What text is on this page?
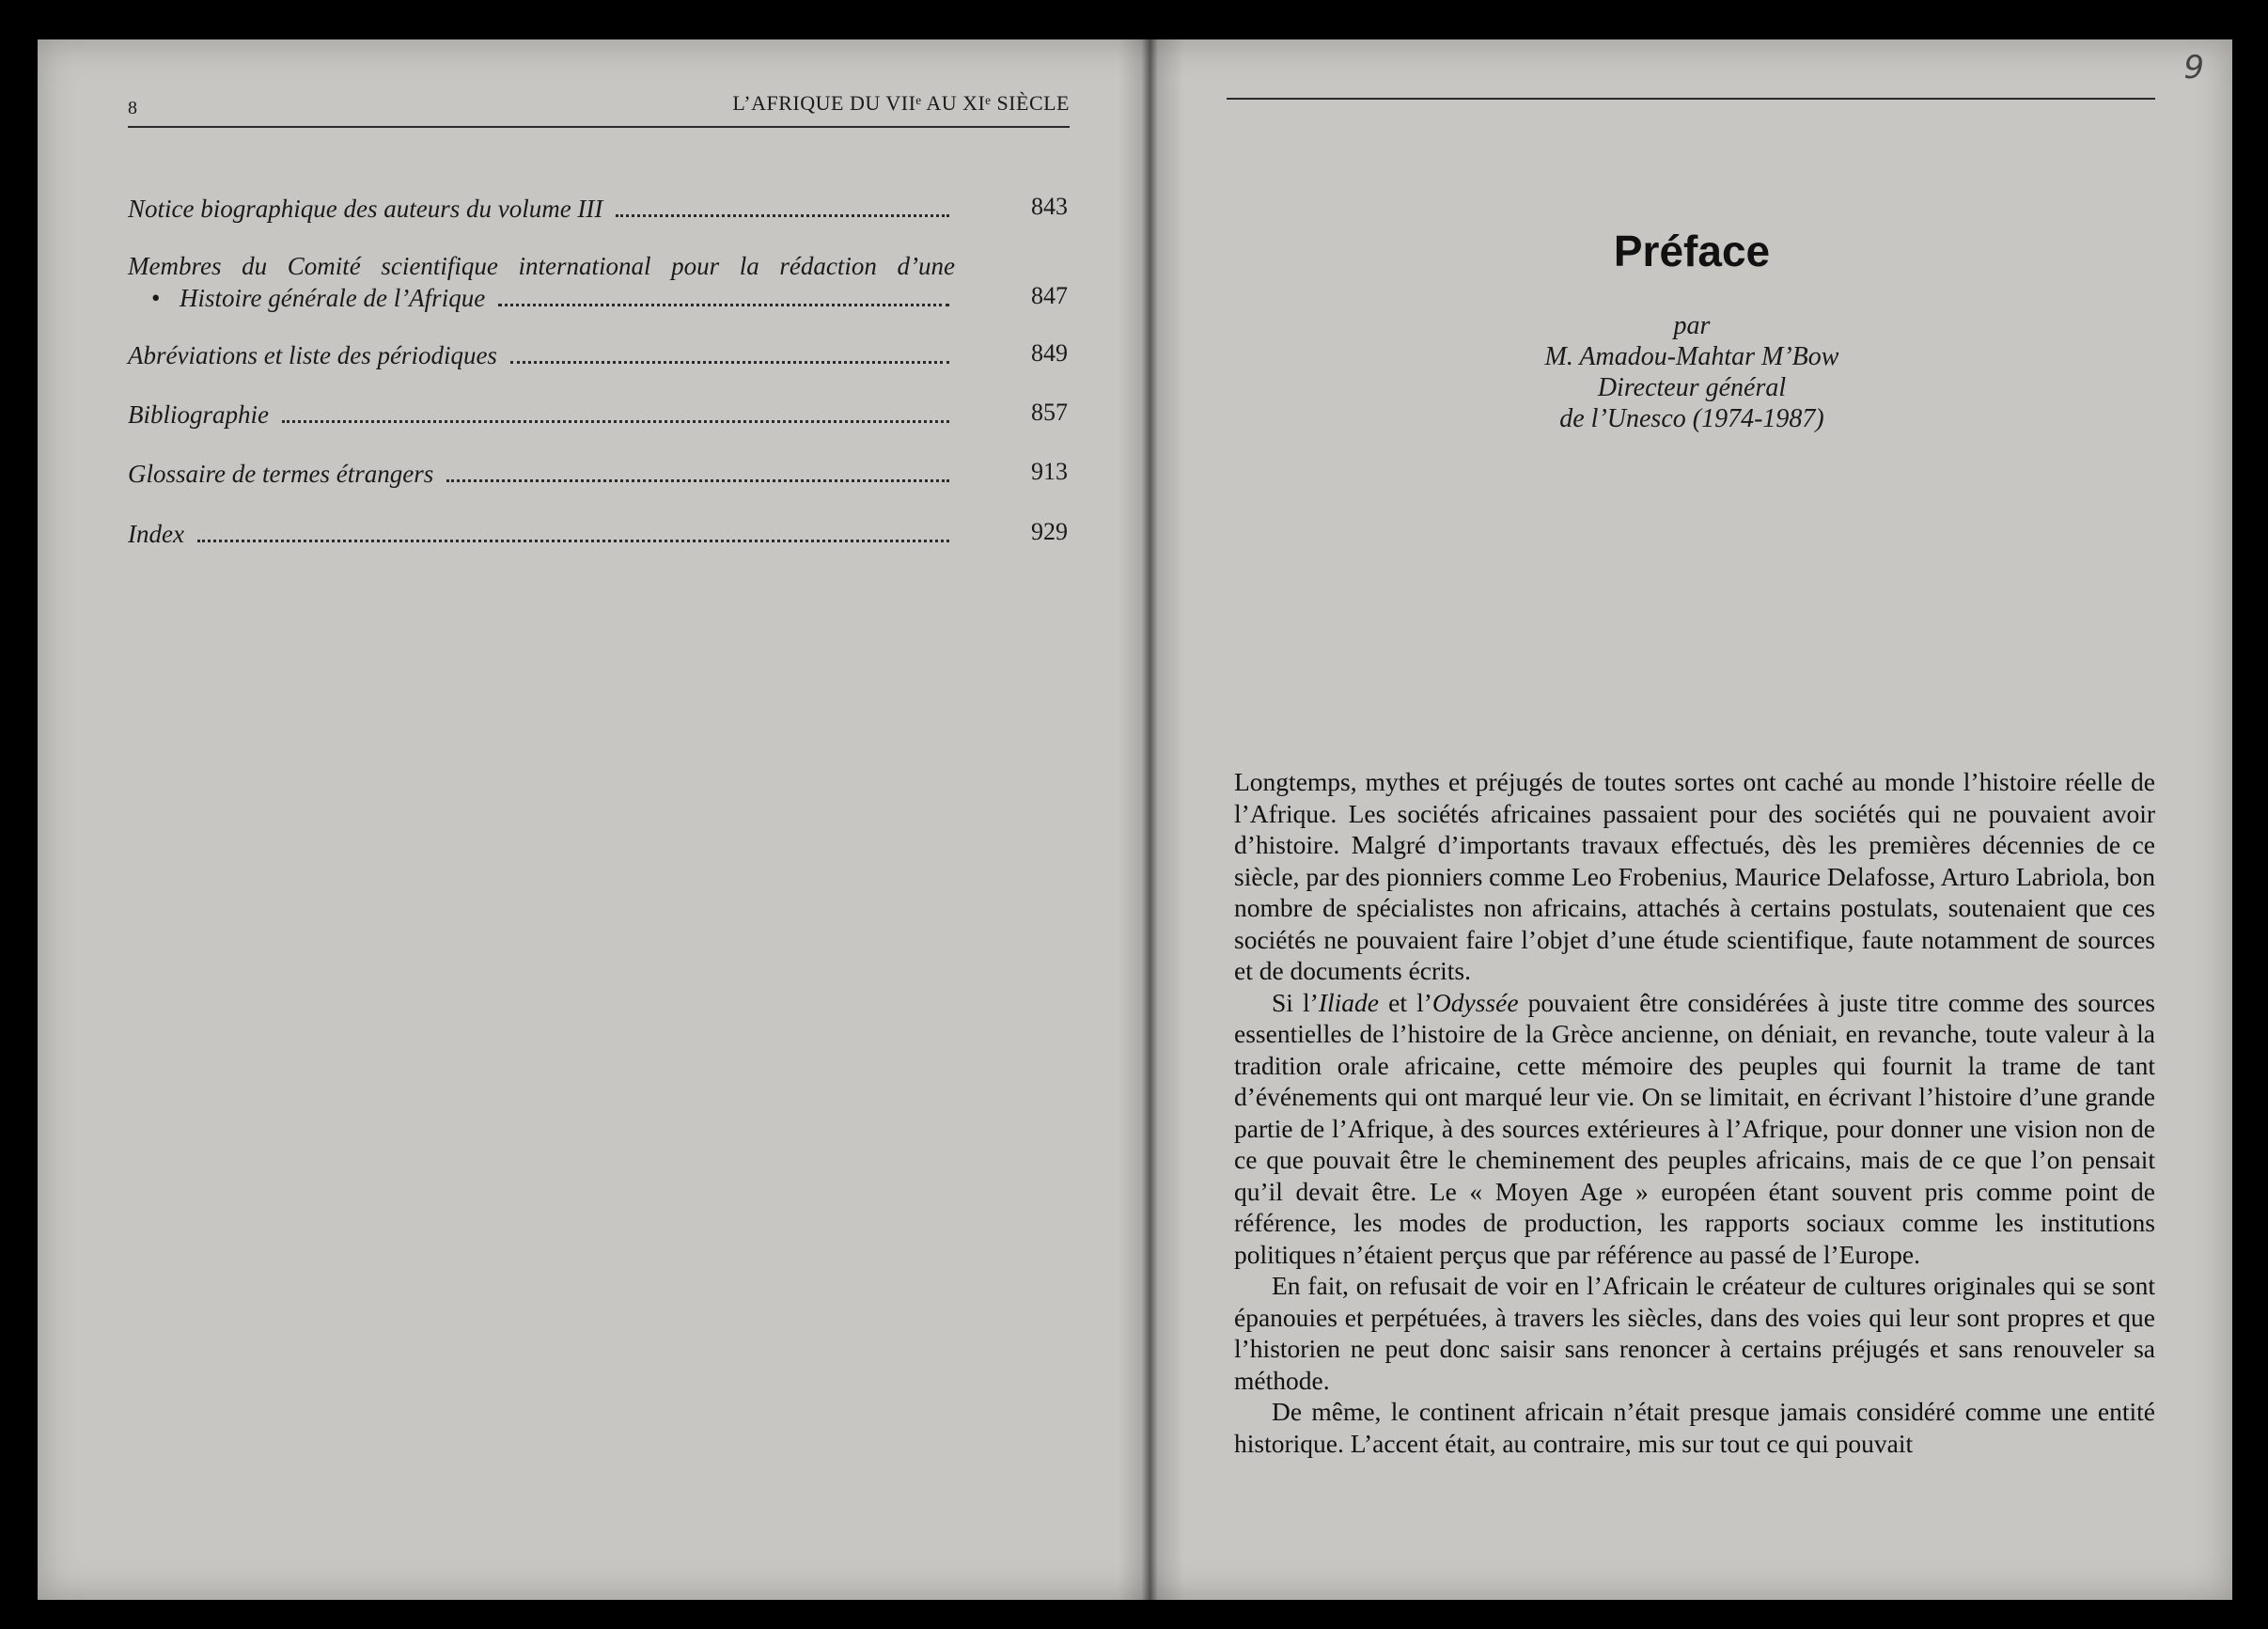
8	L’AFRIQUE DU VIIᵉ AU XIᵉ SIÈCLE
Notice biographique des auteurs du volume III	843
Membres du Comité scientifique international pour la rédaction d’une
• Histoire générale de l’Afrique	847
Abréviations et liste des périodiques	849
Bibliographie	857
Glossaire de termes étrangers	913
Index	929
9
Préface
par
M. Amadou-Mahtar M’Bow
Directeur général
de l’Unesco (1974-1987)

Longtemps, mythes et préjugés de toutes sortes ont caché au monde l’histoire réelle de l’Afrique. Les sociétés africaines passaient pour des sociétés qui ne pouvaient avoir d’histoire. Malgré d’importants travaux effectués, dès les premières décennies de ce siècle, par des pionniers comme Leo Frobenius, Maurice Delafosse, Arturo Labriola, bon nombre de spécialistes non africains, attachés à certains postulats, soutenaient que ces sociétés ne pouvaient faire l’objet d’une étude scientifique, faute notamment de sources et de documents écrits.

Si l’Iliade et l’Odyssée pouvaient être considérées à juste titre comme des sources essentielles de l’histoire de la Grèce ancienne, on déniait, en revanche, toute valeur à la tradition orale africaine, cette mémoire des peuples qui fournit la trame de tant d’événements qui ont marqué leur vie. On se limitait, en écrivant l’histoire d’une grande partie de l’Afrique, à des sources extérieures à l’Afrique, pour donner une vision non de ce que pouvait être le cheminement des peuples africains, mais de ce que l’on pensait qu’il devait être. Le « Moyen Age » européen étant souvent pris comme point de référence, les modes de production, les rapports sociaux comme les institutions politiques n’étaient perçus que par référence au passé de l’Europe.

En fait, on refusait de voir en l’Africain le créateur de cultures originales qui se sont épanouies et perpétuées, à travers les siècles, dans des voies qui leur sont propres et que l’historien ne peut donc saisir sans renoncer à certains préjugés et sans renouveler sa méthode.

De même, le continent africain n’était presque jamais considéré comme une entité historique. L’accent était, au contraire, mis sur tout ce qui pouvait
